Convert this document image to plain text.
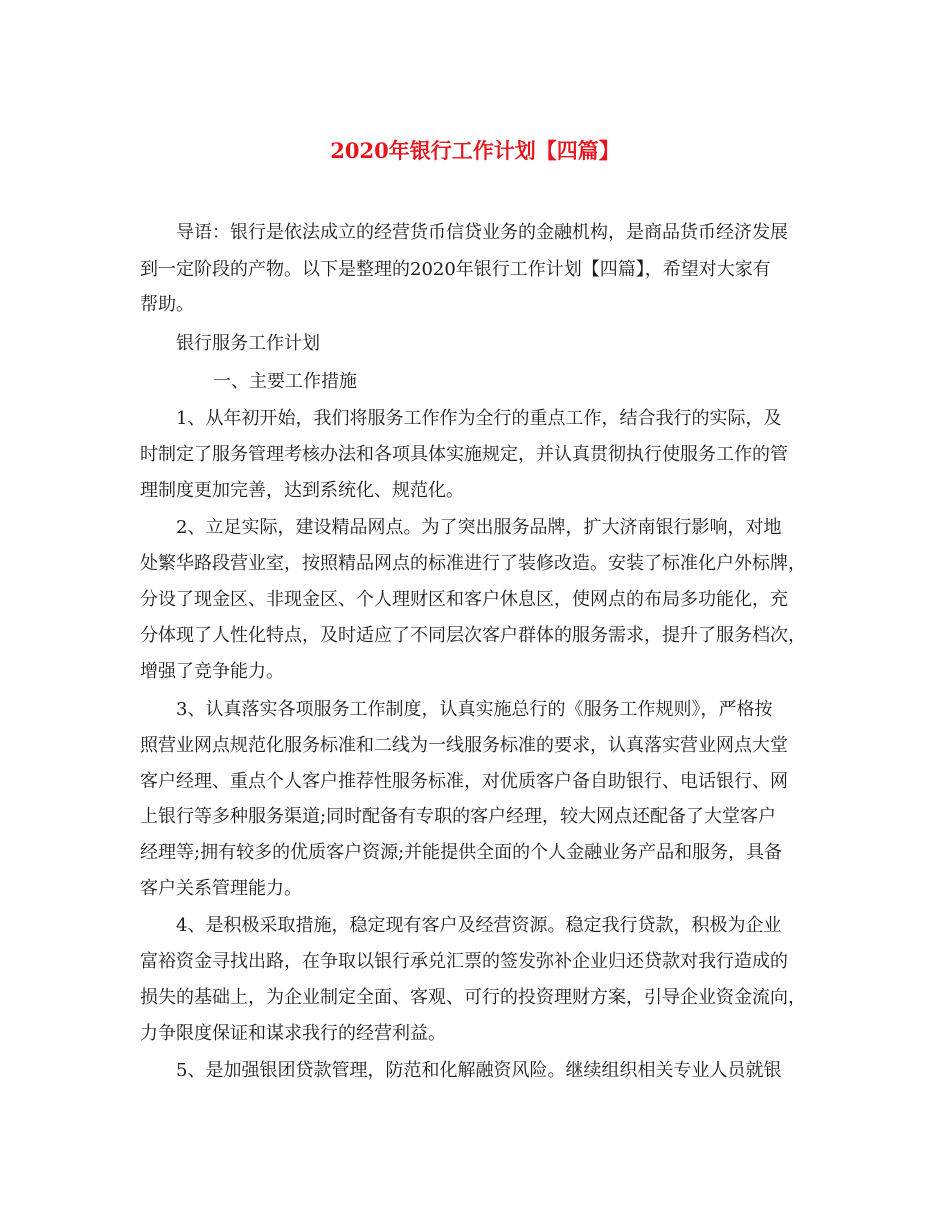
2020年银行工作计划【四篇】

导语：银行是依法成立的经营货币信贷业务的金融机构，是商品货币经济发展

到一定阶段的产物。以下是整理的2020年银行工作计划【四篇】，希望对大家有

帮助。

银行服务工作计划

一、主要工作措施

1、从年初开始，我们将服务工作作为全行的重点工作，结合我行的实际，及

时制定了服务管理考核办法和各项具体实施规定，并认真贯彻执行使服务工作的管

理制度更加完善，达到系统化、规范化。

2、立足实际，建设精品网点。为了突出服务品牌，扩大济南银行影响，对地

处繁华路段营业室，按照精品网点的标准进行了装修改造。安装了标准化户外标牌，

分设了现金区、非现金区、个人理财区和客户休息区，使网点的布局多功能化，充

分体现了人性化特点，及时适应了不同层次客户群体的服务需求，提升了服务档次，

增强了竞争能力。

3、认真落实各项服务工作制度，认真实施总行的《服务工作规则》，严格按

照营业网点规范化服务标准和二线为一线服务标准的要求，认真落实营业网点大堂

客户经理、重点个人客户推荐性服务标准，对优质客户备自助银行、电话银行、网

上银行等多种服务渠道;同时配备有专职的客户经理，较大网点还配备了大堂客户

经理等;拥有较多的优质客户资源;并能提供全面的个人金融业务产品和服务，具备

客户关系管理能力。

4、是积极采取措施，稳定现有客户及经营资源。稳定我行贷款，积极为企业

富裕资金寻找出路，在争取以银行承兑汇票的签发弥补企业归还贷款对我行造成的

损失的基础上，为企业制定全面、客观、可行的投资理财方案，引导企业资金流向，

力争限度保证和谋求我行的经营利益。

5、是加强银团贷款管理，防范和化解融资风险。继续组织相关专业人员就银
